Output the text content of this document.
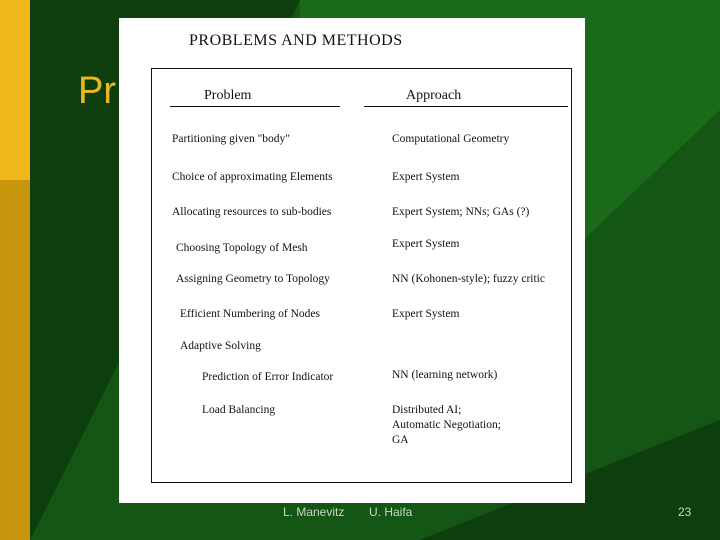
Pr
PROBLEMS AND METHODS
Problem	Approach
Partitioning given "body"	Computational Geometry
Choice of approximating Elements	Expert System
Allocating resources to sub-bodies	Expert System; NNs; GAs (?)
Choosing Topology of Mesh	Expert System
Assigning Geometry to Topology	NN (Kohonen-style); fuzzy critic
Efficient Numbering of Nodes	Expert System
Adaptive Solving
Prediction of Error Indicator	NN (learning network)
Load Balancing	Distributed AI;
Automatic Negotiation;
GA
L. Manevitz U. Haifa	23
